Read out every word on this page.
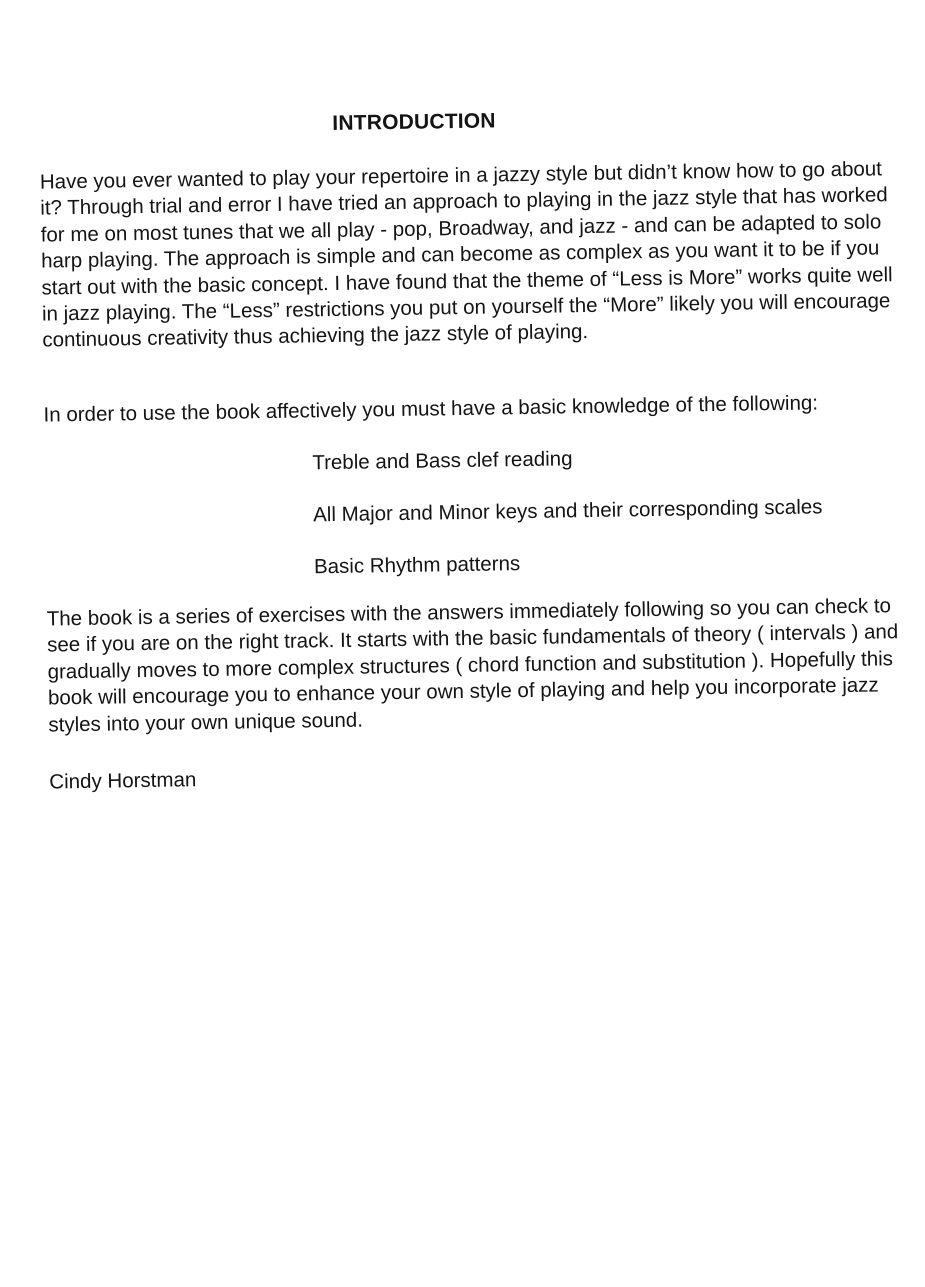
INTRODUCTION

Have you ever wanted to play your repertoire in a jazzy style but didn’t know how to go about it? Through trial and error I have tried an approach to playing in the jazz style that has worked for me on most tunes that we all play - pop, Broadway, and jazz - and can be adapted to solo harp playing. The approach is simple and can become as complex as you want it to be if you start out with the basic concept. I have found that the theme of “Less is More” works quite well in jazz playing. The “Less” restrictions you put on yourself the “More” likely you will encourage continuous creativity thus achieving the jazz style of playing.

In order to use the book affectively you must have a basic knowledge of the following:

Treble and Bass clef reading
All Major and Minor keys and their corresponding scales
Basic Rhythm patterns

The book is a series of exercises with the answers immediately following so you can check to see if you are on the right track. It starts with the basic fundamentals of theory ( intervals ) and gradually moves to more complex structures ( chord function and substitution ). Hopefully this book will encourage you to enhance your own style of playing and help you incorporate jazz styles into your own unique sound.

Cindy Horstman
